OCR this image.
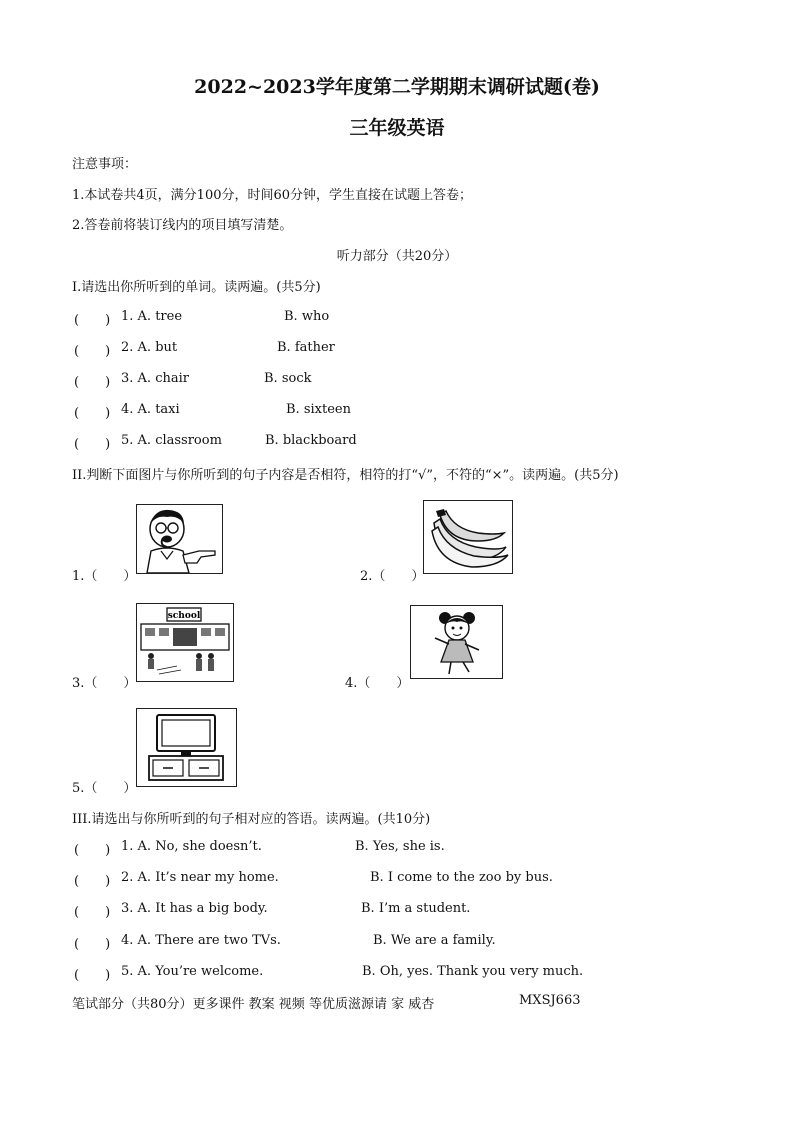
2022~2023学年度第二学期期末调研试题(卷)
三年级英语
注意事项：
1.本试卷共4页，满分100分，时间60分钟，学生直接在试题上答卷；
2.答卷前将装订线内的项目填写清楚。
听力部分（共20分）
I.请选出你所听到的单词。读两遍。(共5分)
(　　) 1. A. tree	B. who
(　　) 2. A. but	B. father
(　　) 3. A. chair	B. sock
(　　) 4. A. taxi	B. sixteen
(　　) 5. A. classroom	B. blackboard
II.判断下面图片与你所听到的句子内容是否相符，相符的打“√”，不符的“×”。读两遍。(共5分)
1.（　　）	2.（　　）
school
3.（　　）	4.（　　）
5.（　　）
III.请选出与你所听到的句子相对应的答语。读两遍。(共10分)
(　　) 1. A. No, she doesn’t.	B. Yes, she is.
(　　) 2. A. It’s near my home.	B. I come to the zoo by bus.
(　　) 3. A. It has a big body.	B. I’m a student.
(　　) 4. A. There are two TVs.	B. We are a family.
(　　) 5. A. You’re welcome.	B. Oh, yes. Thank you very much.
笔试部分（共80分）更多课件 教案 视频 等优质滋源请 家 威杏	MXSJ663
